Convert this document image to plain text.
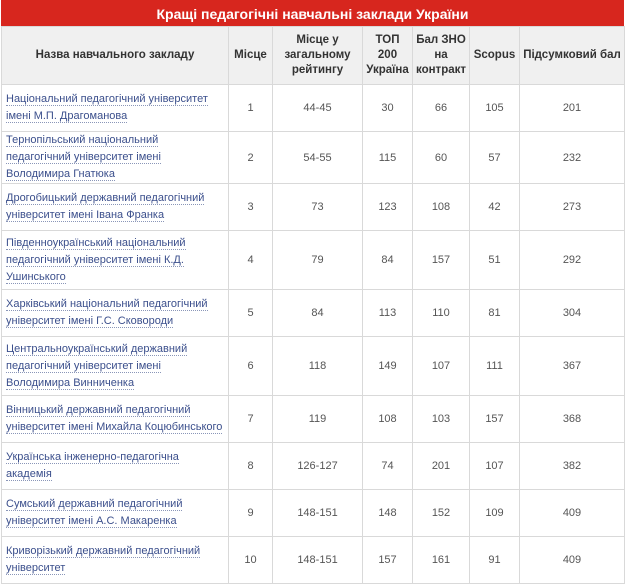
Кращі педагогічні навчальні заклади України
Назва навчального закладу	Місце	Місце у загальному рейтингу	ТОП 200 Україна	Бал ЗНО на контракт	Scopus	Підсумковий бал
Національний педагогічний університет імені М.П. Драгоманова	1	44-45	30	66	105	201
Тернопільський національний педагогічний університет імені Володимира Гнатюка	2	54-55	115	60	57	232
Дрогобицький державний педагогічний університет імені Івана Франка	3	73	123	108	42	273
Південноукраїнський національний педагогічний університет імені К.Д. Ушинського	4	79	84	157	51	292
Харківський національний педагогічний університет імені Г.С. Сковороди	5	84	113	110	81	304
Центральноукраїнський державний педагогічний університет імені Володимира Винниченка	6	118	149	107	111	367
Вінницький державний педагогічний університет імені Михайла Коцюбинського	7	119	108	103	157	368
Українська інженерно-педагогічна академія	8	126-127	74	201	107	382
Сумський державний педагогічний університет імені А.С. Макаренка	9	148-151	148	152	109	409
Криворізький державний педагогічний університет	10	148-151	157	161	91	409
